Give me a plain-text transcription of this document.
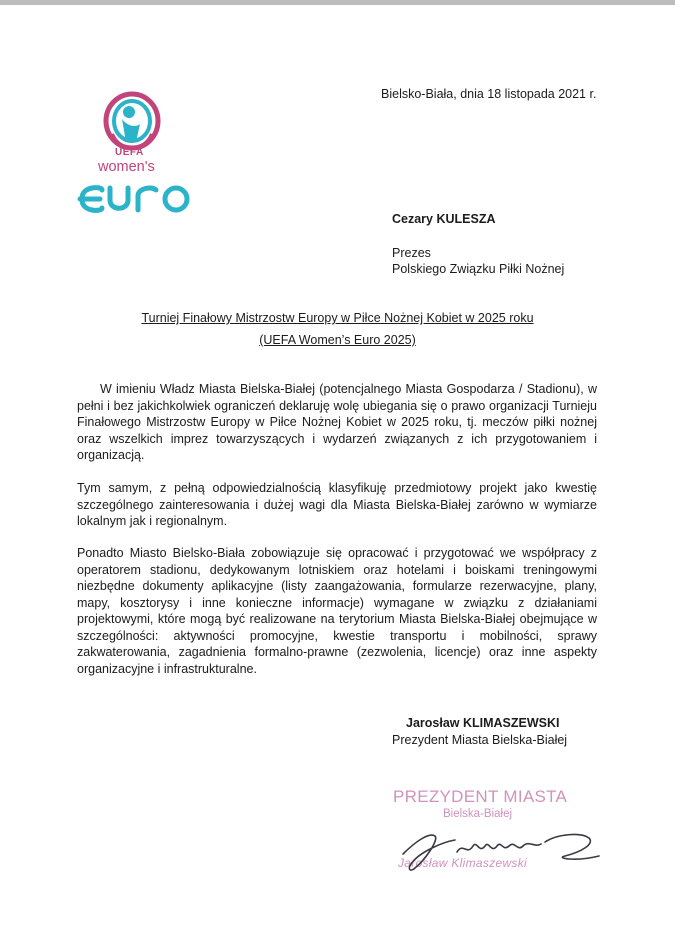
Bielsko-Biała, dnia 18 listopada 2021 r.
UEFA
women's
Cezary KULESZA
Prezes
Polskiego Związku Piłki Nożnej
Turniej Finałowy Mistrzostw Europy w Piłce Nożnej Kobiet w 2025 roku
(UEFA Women’s Euro 2025)

W imieniu Władz Miasta Bielska-Białej (potencjalnego Miasta Gospodarza / Stadionu), w pełni i bez jakichkolwiek ograniczeń deklaruję wolę ubiegania się o prawo organizacji Turnieju Finałowego Mistrzostw Europy w Piłce Nożnej Kobiet w 2025 roku, tj. meczów piłki nożnej oraz wszelkich imprez towarzyszących i wydarzeń związanych z ich przygotowaniem i organizacją.

Tym samym, z pełną odpowiedzialnością klasyfikuję przedmiotowy projekt jako kwestię szczególnego zainteresowania i dużej wagi dla Miasta Bielska-Białej zarówno w wymiarze lokalnym jak i regionalnym.

Ponadto Miasto Bielsko-Biała zobowiązuje się opracować i przygotować we współpracy z operatorem stadionu, dedykowanym lotniskiem oraz hotelami i boiskami treningowymi niezbędne dokumenty aplikacyjne (listy zaangażowania, formularze rezerwacyjne, plany, mapy, kosztorysy i inne konieczne informacje) wymagane w związku z działaniami projektowymi, które mogą być realizowane na terytorium Miasta Bielska-Białej obejmujące w szczególności: aktywności promocyjne, kwestie transportu i mobilności, sprawy zakwaterowania, zagadnienia formalno-prawne (zezwolenia, licencje) oraz inne aspekty organizacyjne i infrastrukturalne.

Jarosław KLIMASZEWSKI
Prezydent Miasta Bielska-Białej
PREZYDENT MIASTA
Bielska-Białej
Jarosław Klimaszewski
